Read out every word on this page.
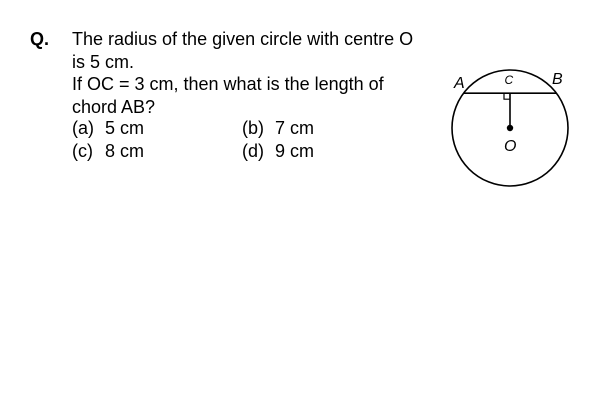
Q. The radius of the given circle with centre O
is 5 cm.
If OC = 3 cm, then what is the length of
chord AB?
(a) 5 cm	(b) 7 cm
(c) 8 cm	(d) 9 cm
A	B
C
O
